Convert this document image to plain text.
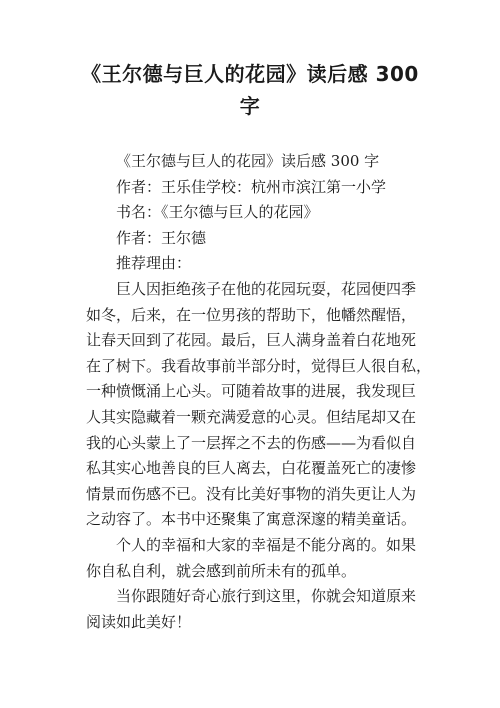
《王尔德与巨人的花园》读后感 300
字
《王尔德与巨人的花园》读后感 300 字
作者：王乐佳学校：杭州市滨江第一小学
书名：《王尔德与巨人的花园》
作者：王尔德
推荐理由：
巨人因拒绝孩子在他的花园玩耍，花园便四季
如冬，后来，在一位男孩的帮助下，他幡然醒悟，
让春天回到了花园。最后，巨人满身盖着白花地死
在了树下。我看故事前半部分时，觉得巨人很自私，
一种愤慨涌上心头。可随着故事的进展，我发现巨
人其实隐藏着一颗充满爱意的心灵。但结尾却又在
我的心头蒙上了一层挥之不去的伤感——为看似自
私其实心地善良的巨人离去，白花覆盖死亡的凄惨
情景而伤感不已。没有比美好事物的消失更让人为
之动容了。本书中还聚集了寓意深邃的精美童话。
个人的幸福和大家的幸福是不能分离的。如果
你自私自利，就会感到前所未有的孤单。
当你跟随好奇心旅行到这里，你就会知道原来
阅读如此美好！
